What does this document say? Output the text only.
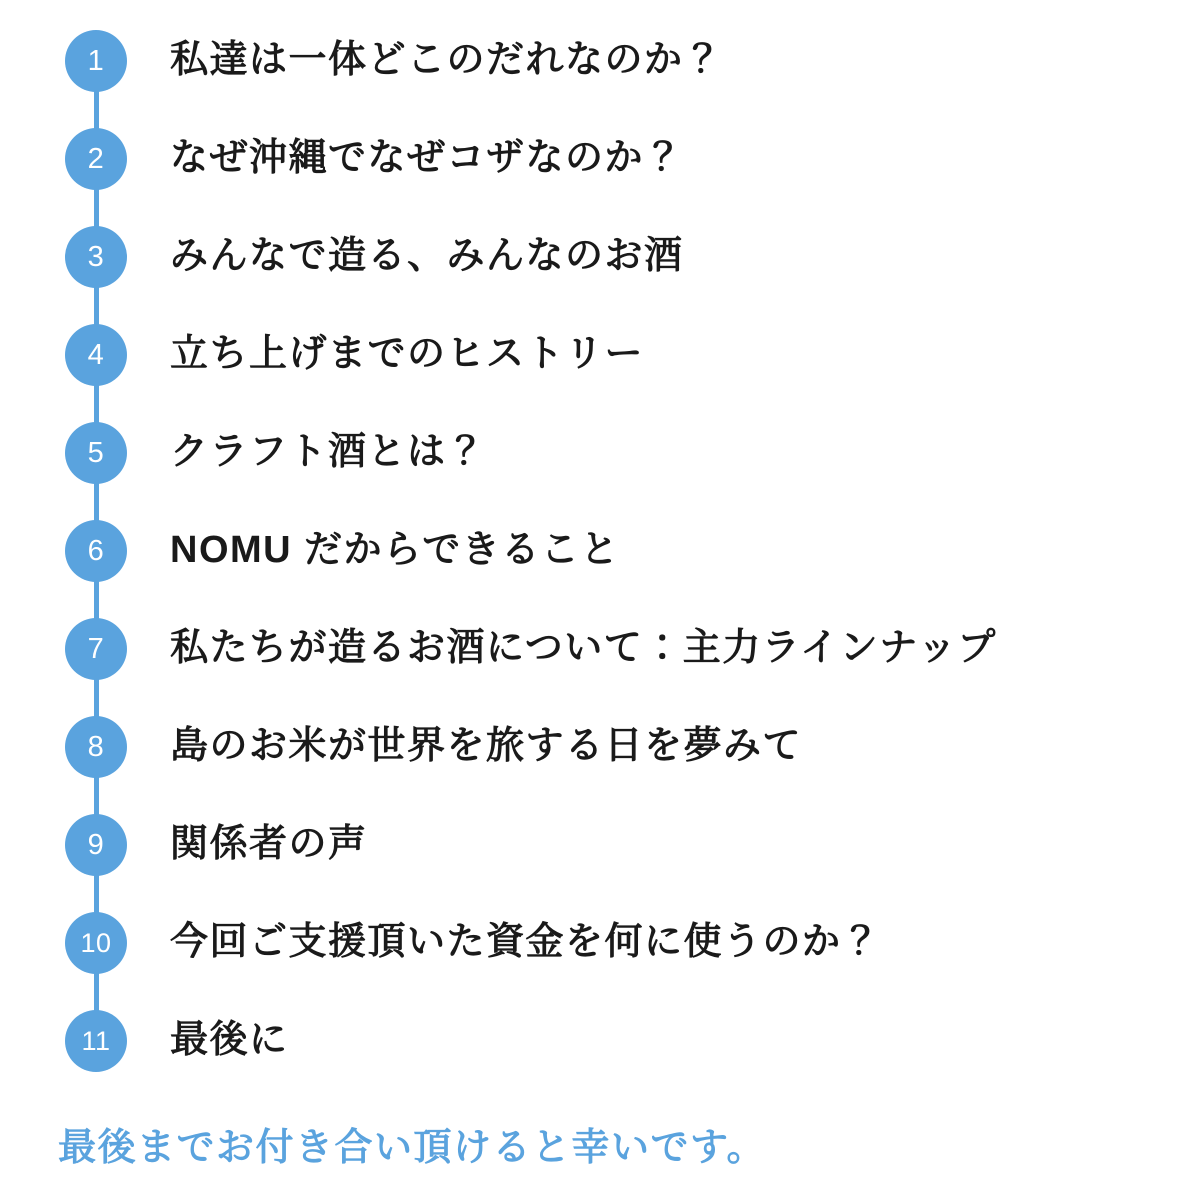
1	私達は一体どこのだれなのか？
2	なぜ沖縄でなぜコザなのか？
3	みんなで造る、みんなのお酒
4	立ち上げまでのヒストリー
5	クラフト酒とは？
6	NOMU だからできること
7	私たちが造るお酒について：主力ラインナップ
8	島のお米が世界を旅する日を夢みて
9	関係者の声
10	今回ご支援頂いた資金を何に使うのか？
11	最後に
最後までお付き合い頂けると幸いです。
